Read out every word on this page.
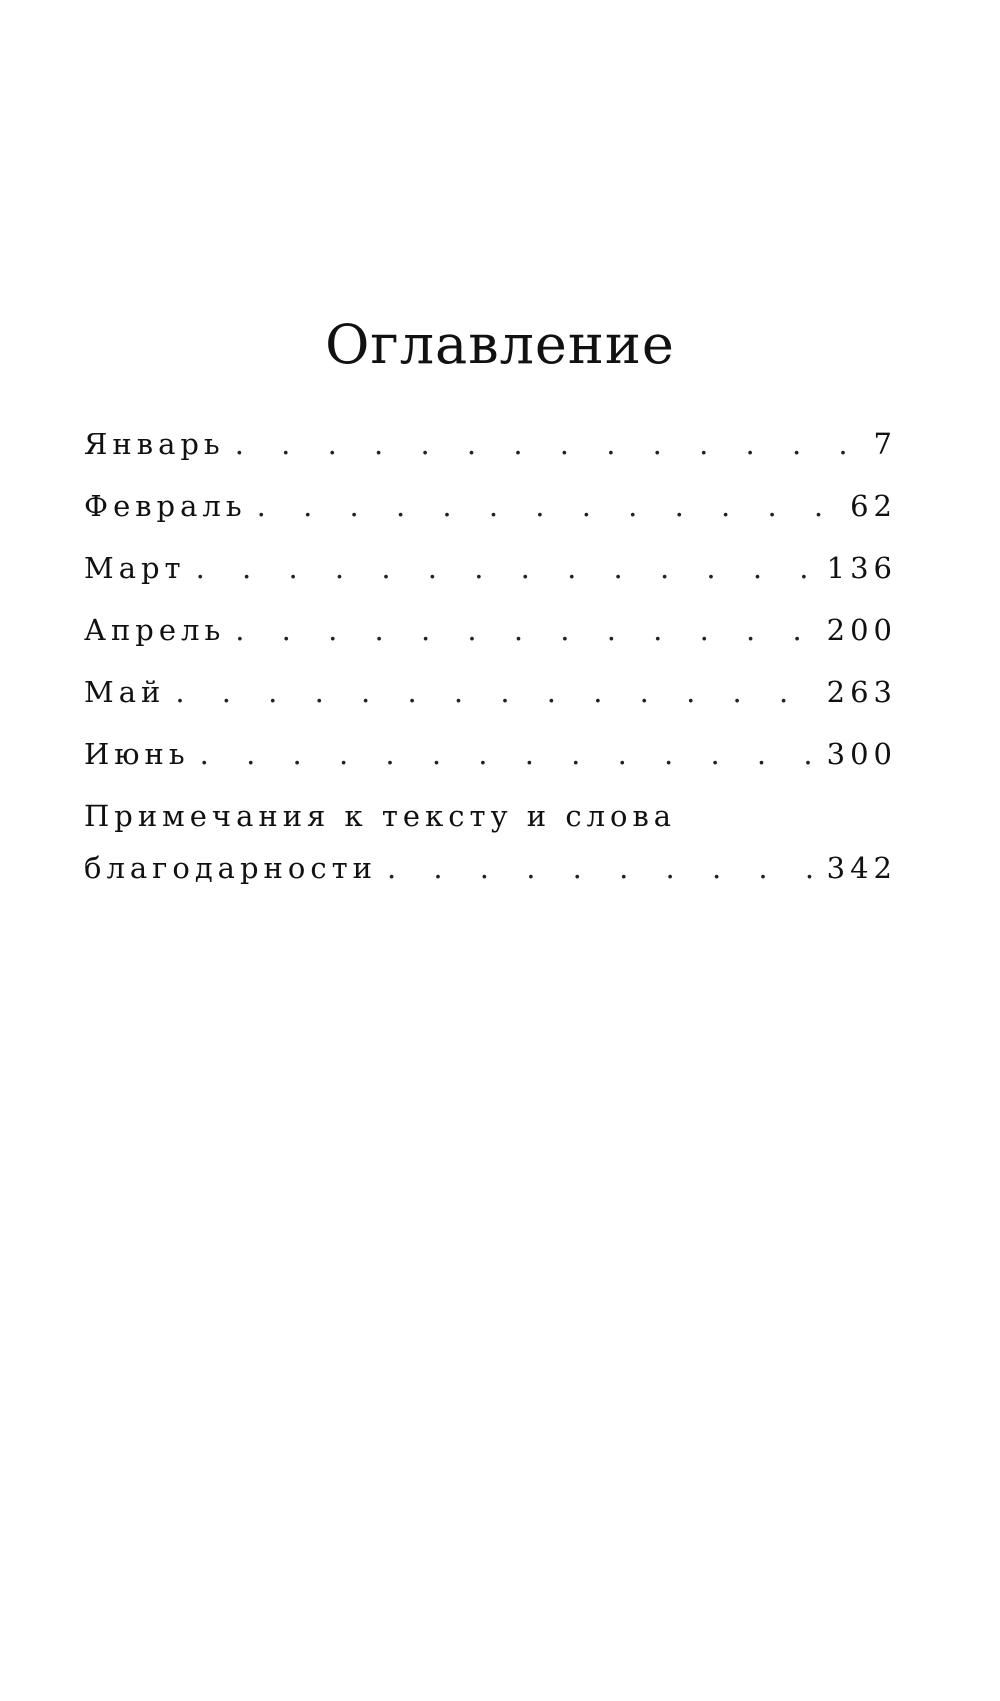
Оглавление
Январь . . .	7
Февраль . . .	62
Март . . .	136
Апрель . . .	200
Май . . .	263
Июнь . . .	300
Примечания к тексту и слова
благодарности . . .	342
